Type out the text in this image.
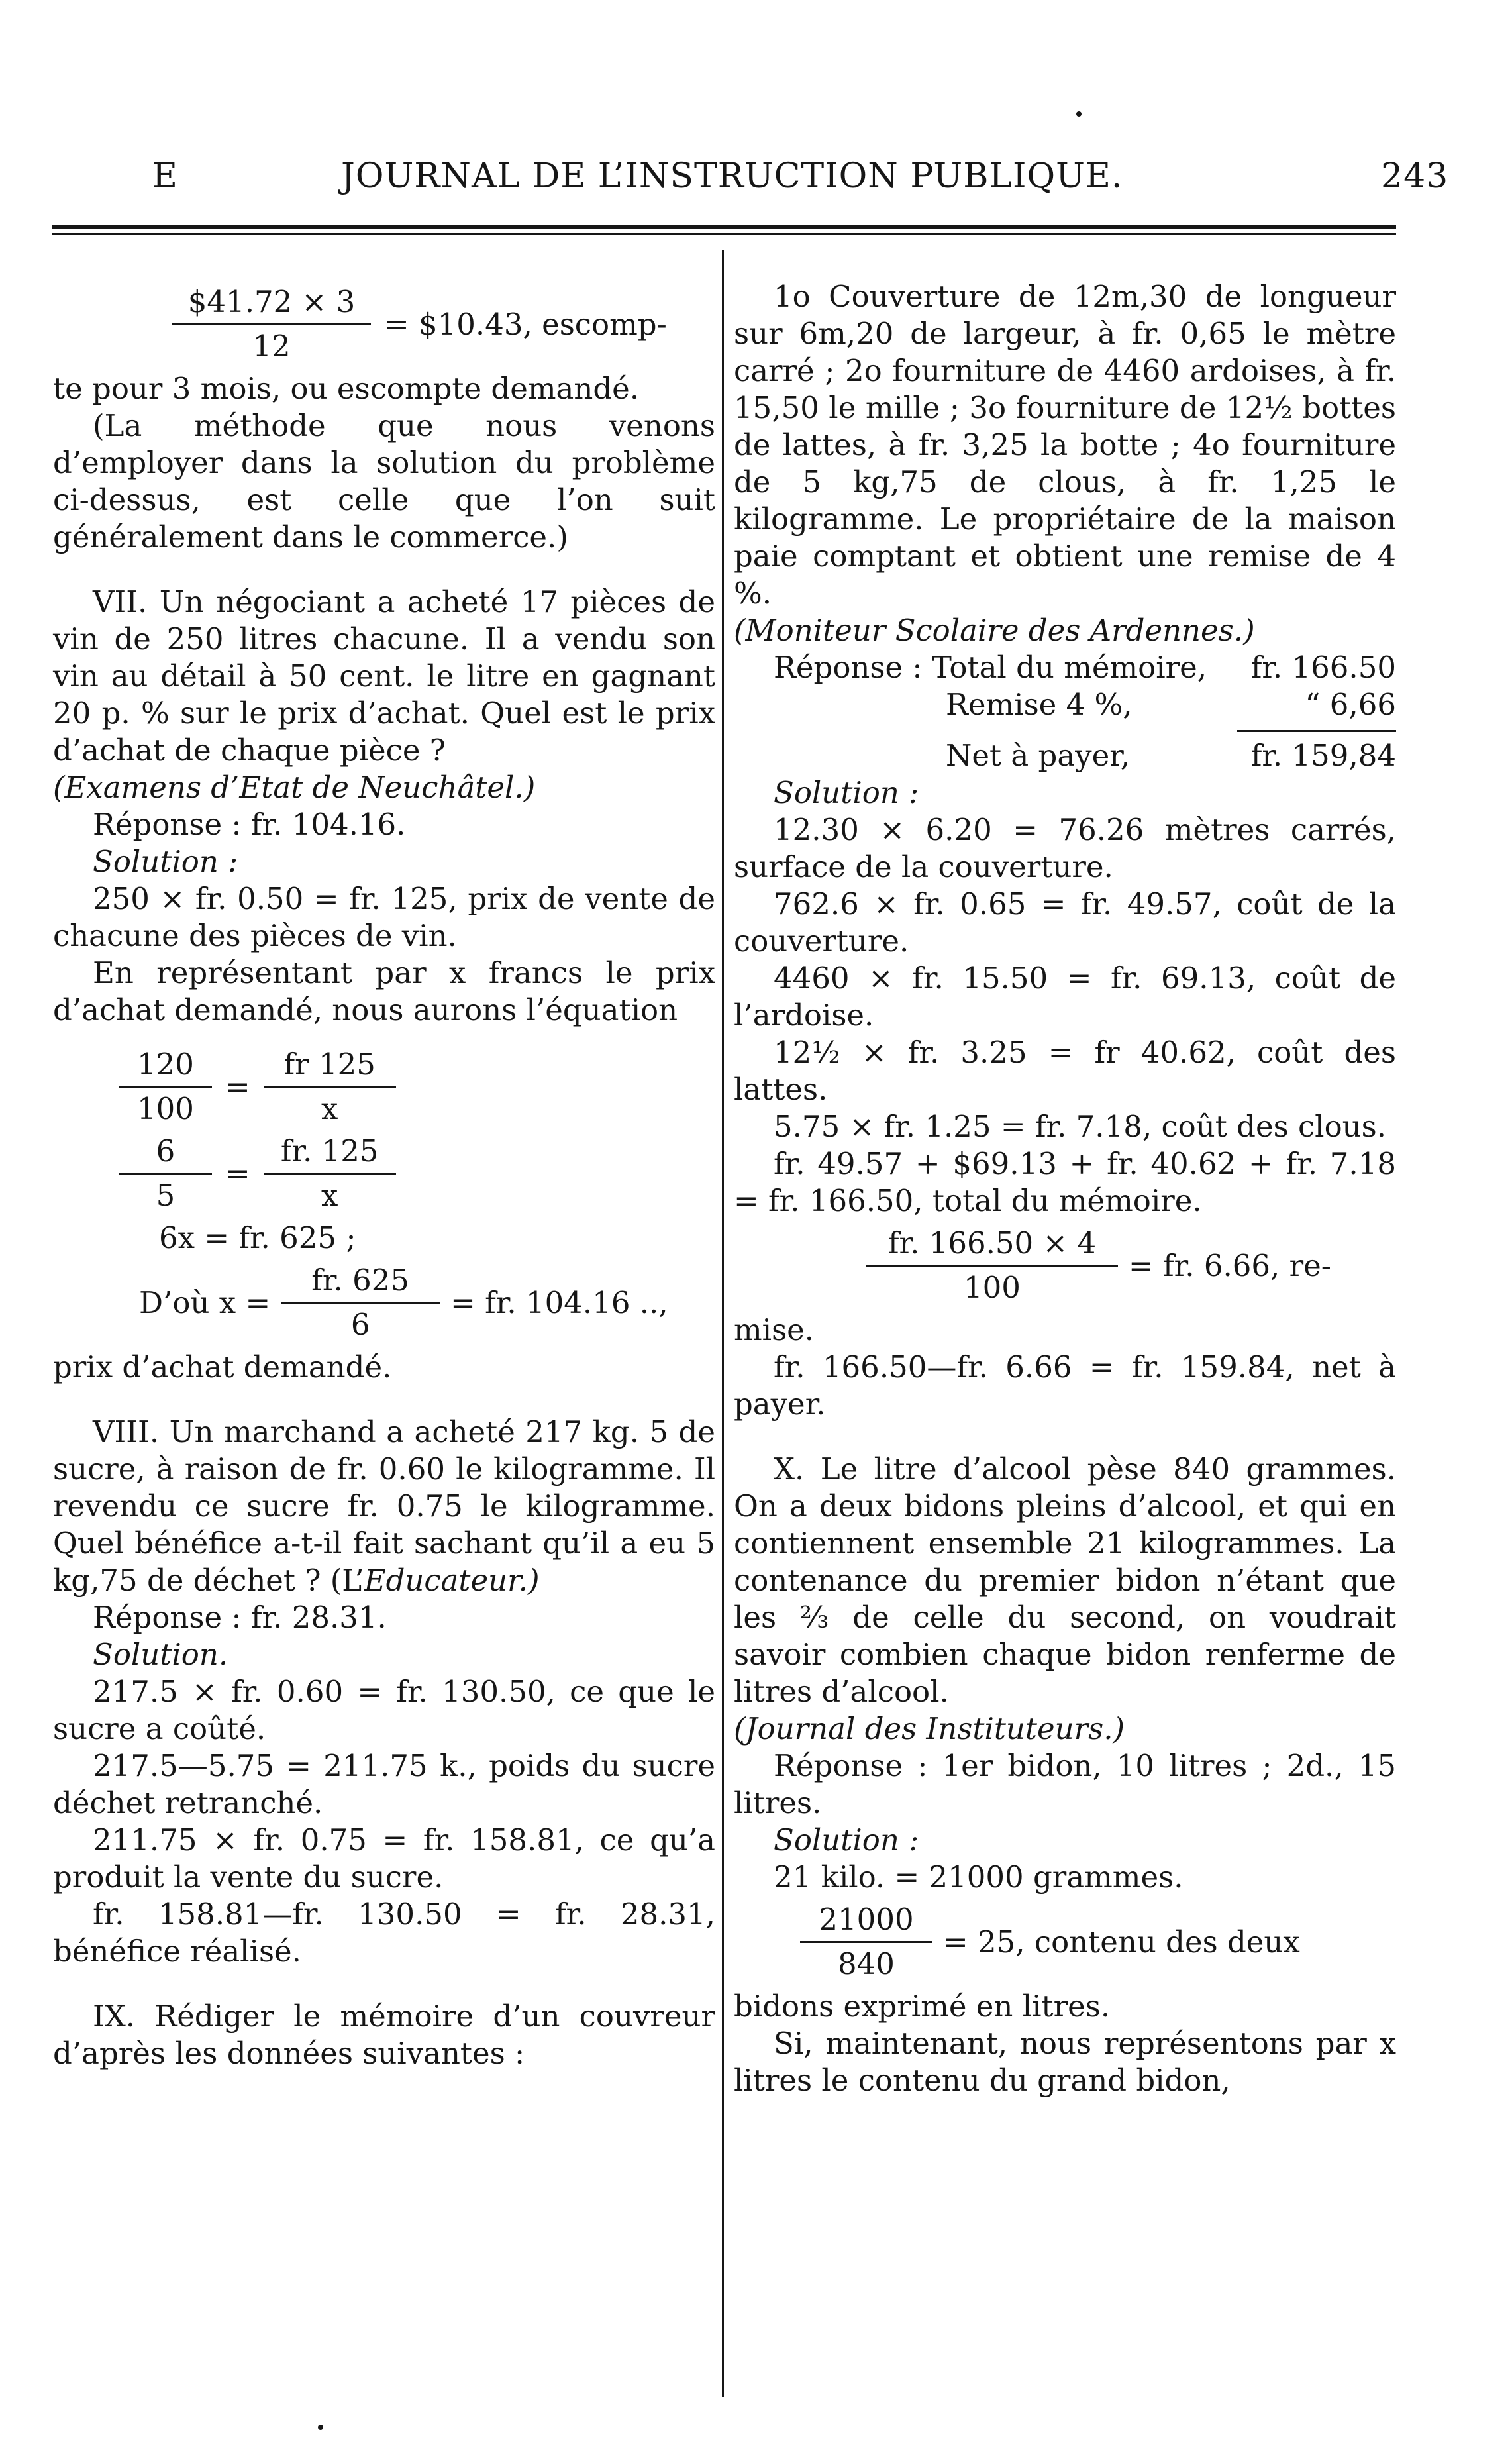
E	JOURNAL DE L’INSTRUCTION PUBLIQUE.	243
$\frac{\$41.72 \times 3}{12}$ = $10.43, escomp-

te pour 3 mois, ou escompte demandé.

(La méthode que nous venons d’employer dans la solution du problème ci-dessus, est celle que l’on suit généralement dans le commerce.)

VII. Un négociant a acheté 17 pièces de vin de 250 litres chacune. Il a vendu son vin au détail à 50 cent. le litre en gagnant 20 p. % sur le prix d’achat. Quel est le prix d’achat de chaque pièce ?

(Examens d’Etat de Neuchâtel.)

Réponse : fr. 104.16.

Solution :

250 × fr. 0.50 = fr. 125, prix de vente de chacune des pièces de vin.

En représentant par x francs le prix d’achat demandé, nous aurons l’équation

120
100
=
fr 125
x
6
5
=
fr. 125
x

6x = fr. 625 ;

D’où x =
fr. 625
6
= fr. 104.16 ..,

prix d’achat demandé.

VIII. Un marchand a acheté 217 kg. 5 de sucre, à raison de fr. 0.60 le kilogramme. Il revendu ce sucre fr. 0.75 le kilogramme. Quel bénéfice a-t-il fait sachant qu’il a eu 5 kg,75 de déchet ? (L’Educateur.)

Réponse : fr. 28.31.

Solution.

217.5 × fr. 0.60 = fr. 130.50, ce que le sucre a coûté.

217.5—5.75 = 211.75 k., poids du sucre déchet retranché.

211.75 × fr. 0.75 = fr. 158.81, ce qu’a produit la vente du sucre.

fr. 158.81—fr. 130.50 = fr. 28.31, bénéfice réalisé.

IX. Rédiger le mémoire d’un couvreur d’après les données suivantes :

1o Couverture de 12m,30 de longueur sur 6m,20 de largeur, à fr. 0,65 le mètre carré ; 2o fourniture de 4460 ardoises, à fr. 15,50 le mille ; 3o fourniture de 12½ bottes de lattes, à fr. 3,25 la botte ; 4o fourniture de 5 kg,75 de clous, à fr. 1,25 le kilogramme. Le propriétaire de la maison paie comptant et obtient une remise de 4 %.

(Moniteur Scolaire des Ardennes.)

Réponse : Total du mémoire, fr. 166.50
Remise 4 %,	“ 6,66
Net à payer,	fr. 159,84

Solution :

12.30 × 6.20 = 76.26 mètres carrés, surface de la couverture.

762.6 × fr. 0.65 = fr. 49.57, coût de la couverture.

4460 × fr. 15.50 = fr. 69.13, coût de l’ardoise.

12½ × fr. 3.25 = fr 40.62, coût des lattes.

5.75 × fr. 1.25 = fr. 7.18, coût des clous.

fr. 49.57 + $69.13 + fr. 40.62 + fr. 7.18 = fr. 166.50, total du mémoire.

fr. 166.50 × 4
100
= fr. 6.66, re-

mise.

fr. 166.50—fr. 6.66 = fr. 159.84, net à payer.

X. Le litre d’alcool pèse 840 grammes. On a deux bidons pleins d’alcool, et qui en contiennent ensemble 21 kilogrammes. La contenance du premier bidon n’étant que les ⅔ de celle du second, on voudrait savoir combien chaque bidon renferme de litres d’alcool.

(Journal des Instituteurs.)

Réponse : 1er bidon, 10 litres ; 2d., 15 litres.

Solution :

21 kilo. = 21000 grammes.

21000
840
= 25, contenu des deux

bidons exprimé en litres.

Si, maintenant, nous représentons par x litres le contenu du grand bidon,
